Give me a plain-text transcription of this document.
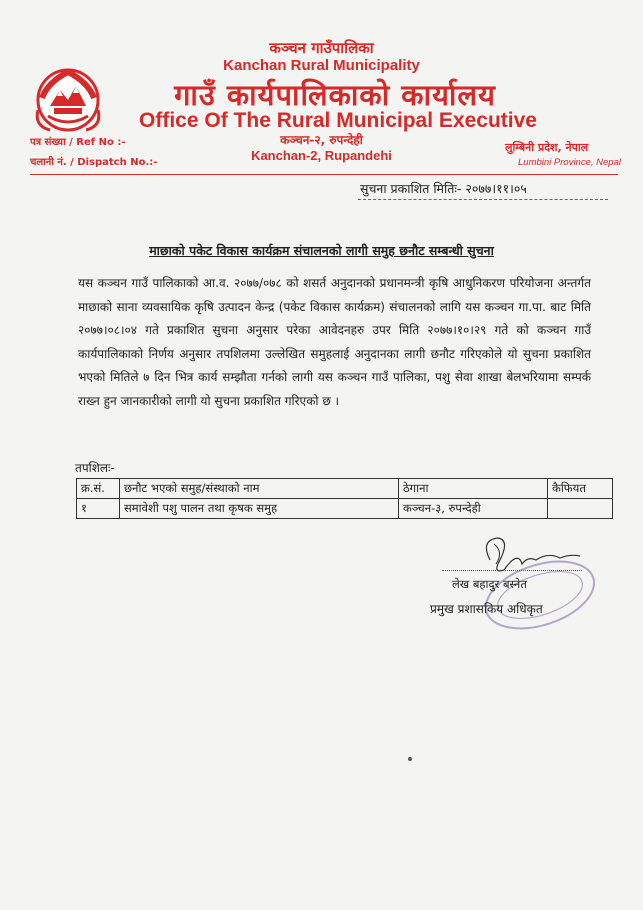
कञ्चन गाउँपालिका
Kanchan Rural Municipality
गाउँ कार्यपालिकाको कार्यालय
Office Of The Rural Municipal Executive
पत्र संख्या / Ref No :-
चलानी नं. / Dispatch No.:-
कञ्चन-२, रुपन्देही
Kanchan-2, Rupandehi
लुम्बिनी प्रदेश, नेपाल
Lumbini Province, Nepal
सुचना प्रकाशित मितिः- २०७७।११।०५
माछाको पकेट विकास कार्यक्रम संचालनको लागी समुह छनौट सम्बन्धी सुचना
यस कञ्चन गाउँ पालिकाको आ.व. २०७७/०७८ को शसर्त अनुदानको प्रधानमन्त्री कृषि आधुनिकरण परियोजना अन्तर्गत माछाको साना व्यवसायिक कृषि उत्पादन केन्द्र (पकेट विकास कार्यक्रम) संचालनको लागि यस कञ्चन गा.पा. बाट मिति २०७७।०८।०४ गते प्रकाशित सुचना अनुसार परेका आवेदनहरु उपर मिति २०७७।१०।२९ गते को कञ्चन गाउँ कार्यपालिकाको निर्णय अनुसार तपशिलमा उल्लेखित समुहलाई अनुदानका लागी छनौट गरिएकोले यो सुचना प्रकाशित भएको मितिले ७ दिन भित्र कार्य सम्झौता गर्नको लागी यस कञ्चन गाउँ पालिका, पशु सेवा शाखा बेलभरियामा सम्पर्क राख्न हुन जानकारीको लागी यो सुचना प्रकाशित गरिएको छ ।
तपशिलः-
क्र.सं.	छनौट भएको समुह/संस्थाको नाम	ठेगाना	कैफियत
१	समावेशी पशु पालन तथा कृषक समुह	कञ्चन-३, रुपन्देही	
लेख बहादुर बस्नेत
प्रमुख प्रशासकिय अधिकृत
